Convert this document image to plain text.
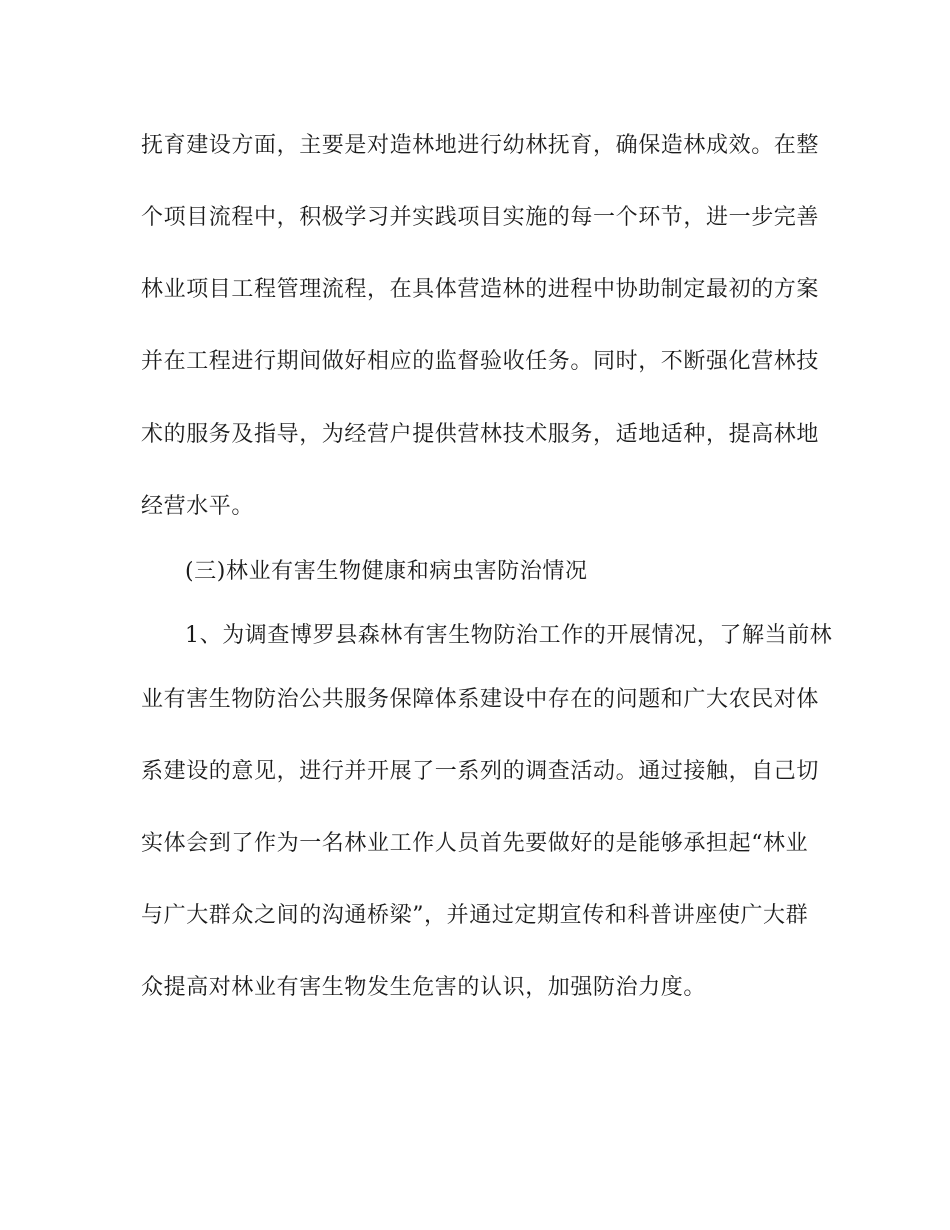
抚育建设方面，主要是对造林地进行幼林抚育，确保造林成效。在整
个项目流程中，积极学习并实践项目实施的每一个环节，进一步完善
林业项目工程管理流程，在具体营造林的进程中协助制定最初的方案
并在工程进行期间做好相应的监督验收任务。同时，不断强化营林技
术的服务及指导，为经营户提供营林技术服务，适地适种，提高林地
经营水平。
(三)林业有害生物健康和病虫害防治情况
1、为调查博罗县森林有害生物防治工作的开展情况，了解当前林
业有害生物防治公共服务保障体系建设中存在的问题和广大农民对体
系建设的意见，进行并开展了一系列的调查活动。通过接触，自己切
实体会到了作为一名林业工作人员首先要做好的是能够承担起“林业
与广大群众之间的沟通桥梁”，并通过定期宣传和科普讲座使广大群
众提高对林业有害生物发生危害的认识，加强防治力度。
